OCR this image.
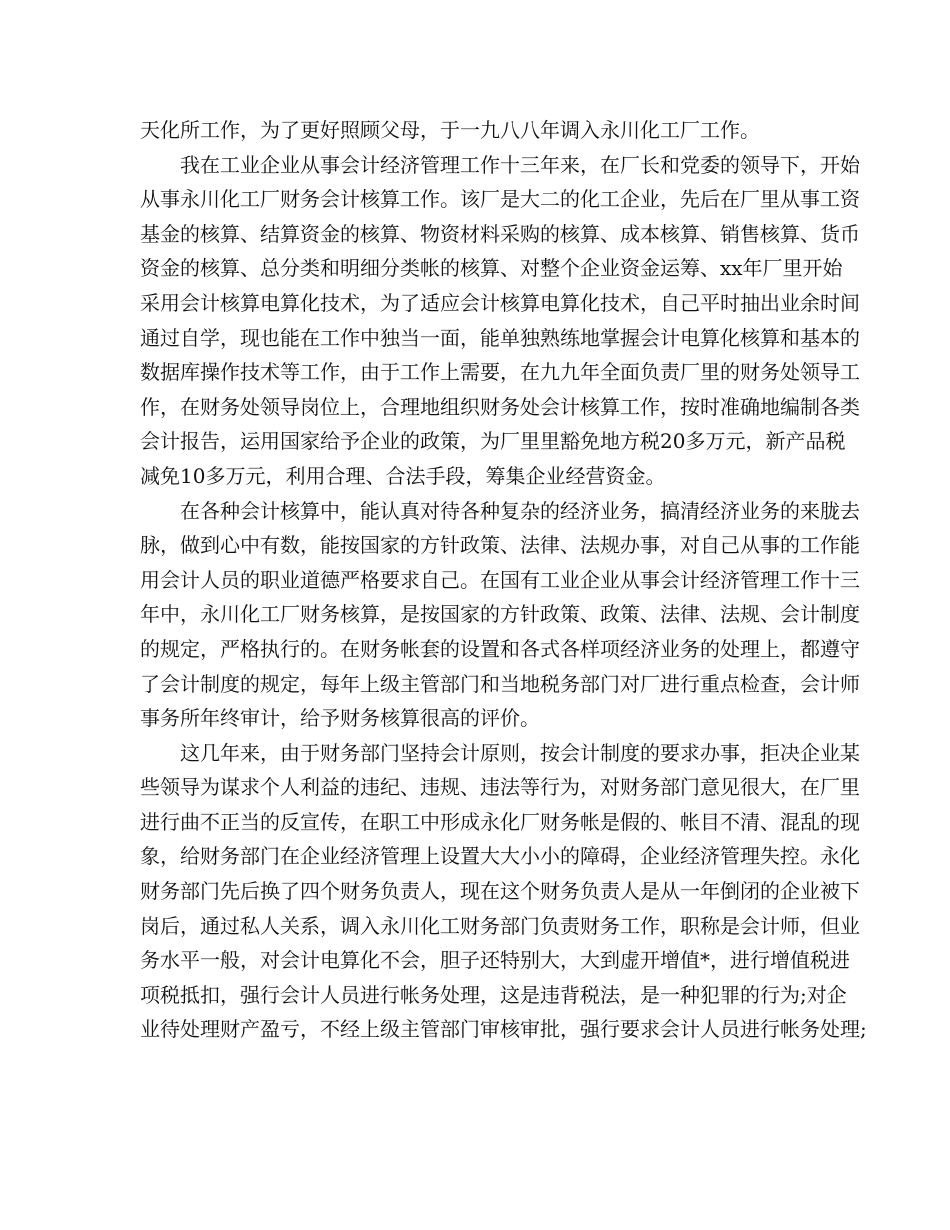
天化所工作，为了更好照顾父母，于一九八八年调入永川化工厂工作。
我在工业企业从事会计经济管理工作十三年来，在厂长和党委的领导下，开始
从事永川化工厂财务会计核算工作。该厂是大二的化工企业，先后在厂里从事工资
基金的核算、结算资金的核算、物资材料采购的核算、成本核算、销售核算、货币
资金的核算、总分类和明细分类帐的核算、对整个企业资金运筹、xx年厂里开始
采用会计核算电算化技术，为了适应会计核算电算化技术，自己平时抽出业余时间
通过自学，现也能在工作中独当一面，能单独熟练地掌握会计电算化核算和基本的
数据库操作技术等工作，由于工作上需要，在九九年全面负责厂里的财务处领导工
作，在财务处领导岗位上，合理地组织财务处会计核算工作，按时准确地编制各类
会计报告，运用国家给予企业的政策，为厂里里豁免地方税20多万元，新产品税
减免10多万元，利用合理、合法手段，筹集企业经营资金。
在各种会计核算中，能认真对待各种复杂的经济业务，搞清经济业务的来胧去
脉，做到心中有数，能按国家的方针政策、法律、法规办事，对自己从事的工作能
用会计人员的职业道德严格要求自己。在国有工业企业从事会计经济管理工作十三
年中，永川化工厂财务核算，是按国家的方针政策、政策、法律、法规、会计制度
的规定，严格执行的。在财务帐套的设置和各式各样项经济业务的处理上，都遵守
了会计制度的规定，每年上级主管部门和当地税务部门对厂进行重点检查，会计师
事务所年终审计，给予财务核算很高的评价。
这几年来，由于财务部门坚持会计原则，按会计制度的要求办事，拒决企业某
些领导为谋求个人利益的违纪、违规、违法等行为，对财务部门意见很大，在厂里
进行曲不正当的反宣传，在职工中形成永化厂财务帐是假的、帐目不清、混乱的现
象，给财务部门在企业经济管理上设置大大小小的障碍，企业经济管理失控。永化
财务部门先后换了四个财务负责人，现在这个财务负责人是从一年倒闭的企业被下
岗后，通过私人关系，调入永川化工财务部门负责财务工作，职称是会计师，但业
务水平一般，对会计电算化不会，胆子还特别大，大到虚开增值*，进行增值税进
项税抵扣，强行会计人员进行帐务处理，这是违背税法，是一种犯罪的行为;对企
业待处理财产盈亏，不经上级主管部门审核审批，强行要求会计人员进行帐务处理;
